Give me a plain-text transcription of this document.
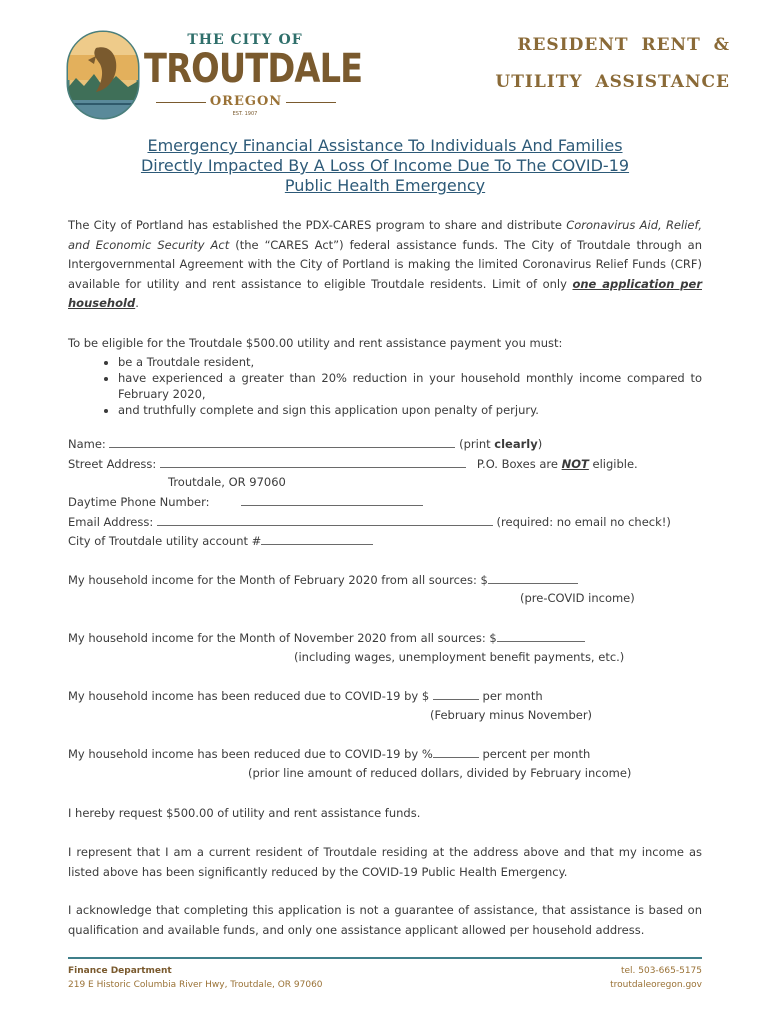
THE CITY OF
TROUTDALE
OREGON
EST. 1907
RESIDENT RENT &
UTILITY ASSISTANCE
Emergency Financial Assistance To Individuals And Families
Directly Impacted By A Loss Of Income Due To The COVID-19
Public Health Emergency
The City of Portland has established the PDX-CARES program to share and distribute Coronavirus Aid, Relief, and Economic Security Act (the “CARES Act”) federal assistance funds. The City of Troutdale through an Intergovernmental Agreement with the City of Portland is making the limited Coronavirus Relief Funds (CRF) available for utility and rent assistance to eligible Troutdale residents. Limit of only one application per household.
To be eligible for the Troutdale $500.00 utility and rent assistance payment you must:
• be a Troutdale resident,
• have experienced a greater than 20% reduction in your household monthly income compared to February 2020,
• and truthfully complete and sign this application upon penalty of perjury.
Name:	(print clearly)
Street Address:	P.O. Boxes are NOT eligible.
Troutdale, OR 97060
Daytime Phone Number:
Email Address:	(required: no email no check!)
City of Troutdale utility account #
My household income for the Month of February 2020 from all sources: $
(pre-COVID income)
My household income for the Month of November 2020 from all sources: $
(including wages, unemployment benefit payments, etc.)
My household income has been reduced due to COVID-19 by $	per month
(February minus November)
My household income has been reduced due to COVID-19 by %	percent per month
(prior line amount of reduced dollars, divided by February income)
I hereby request $500.00 of utility and rent assistance funds.
I represent that I am a current resident of Troutdale residing at the address above and that my income as listed above has been significantly reduced by the COVID-19 Public Health Emergency.
I acknowledge that completing this application is not a guarantee of assistance, that assistance is based on qualification and available funds, and only one assistance applicant allowed per household address.
Finance Department
219 E Historic Columbia River Hwy, Troutdale, OR 97060
tel. 503-665-5175
troutdaleoregon.gov
